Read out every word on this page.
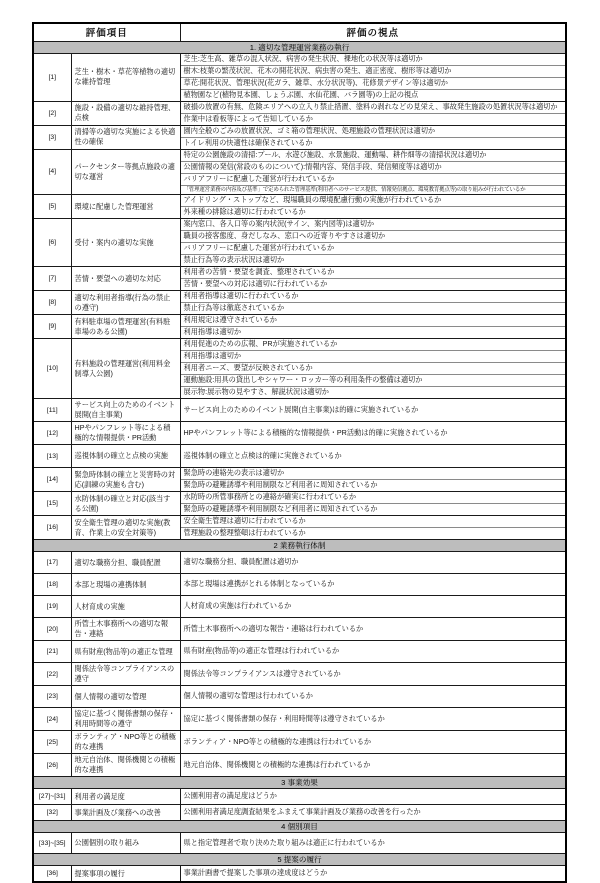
評価項目		評価の視点
1. 適切な管理運営業務の執行		
[1]	芝生・樹木・草花等植物の適切な維持管理	芝生:芝生高、雑草の混入状況、病害の発生状況、裸地化の状況等は適切か
樹木:枝葉の繁茂状況、花木の開花状況、病虫害の発生、適正密度、樹形等は適切か
草花:開花状況、管理状況(花ガラ、雑草、水分状況等)、花修景デザイン等は適切か
植物園など(植物見本園、しょうぶ園、水仙花園、バラ園等)の上記の視点

[2]	施設・設備の適切な維持管理、点検	破損の放置の有無、危険エリアへの立入り禁止措置、塗料の剥れなどの見栄え、事故発生施設の処置状況等は適切か
作業中は看板等によって告知しているか

[3]	清掃等の適切な実施による快適性の確保	園内全般のごみの放置状況、ゴミ箱の管理状況、処理施設の管理状況は適切か
トイレ利用の快適性は確保されているか

[4]	パークセンター等拠点施設の適切な運営	特定の公園施設の清掃:プール、水遊び施設、水景施設、運動場、耕作畑等の清掃状況は適切か
公園情報の発信(常設のものについて):情報内容、発信手段、発信頻度等は適切か
バリアフリーに配慮した運営が行われているか
「管理運営業務の内容及び基準」で定められた管理基準(利用者へのサービス提供、情報発信拠点、環境教育拠点等)の取り組みが行われているか

[5]	環境に配慮した管理運営	アイドリング・ストップなど、現場職員の環境配慮行動の実施が行われているか
外来種の排除は適切に行われているか

[6]	受付・案内の適切な実施	案内窓口、各入口等の案内状況(サイン、案内図等)は適切か
職員の接客態度、身だしなみ、窓口への近寄りやすさは適切か
バリアフリーに配慮した運営が行われているか
禁止行為等の表示状況は適切か

[7]	苦情・要望への適切な対応	利用者の苦情・要望を調査、整理されているか
苦情・要望への対応は適切に行われているか

[8]	適切な利用者指導(行為の禁止の遵守)	利用者指導は適切に行われているか
禁止行為等は徹底されているか

[9]	有料駐車場の管理運営(有料駐車場のある公園)	利用規定は遵守されているか
利用指導は適切か

[10]	有料施設の管理運営(利用料金制導入公園)	利用促進のための広報、PRが実施されているか
利用指導は適切か
利用者ニーズ、要望が反映されているか
運動施設:用具の貸出しやシャワー・ロッカー等の利用条件の整備は適切か
展示物:展示物の見やすさ、解説状況は適切か

[11]	サービス向上のためのイベント展開(自主事業)	サービス向上のためのイベント展開(自主事業)は的確に実施されているか

[12]	HPやパンフレット等による積極的な情報提供・PR活動	HPやパンフレット等による積極的な情報提供・PR活動は的確に実施されているか

[13]	巡視体制の確立と点検の実施	巡視体制の確立と点検は的確に実施されているか

[14]	緊急時体制の確立と災害時の対応(訓練の実施も含む)	緊急時の連絡先の表示は適切か
緊急時の避難誘導や利用制限など利用者に周知されているか

[15]	水防体制の確立と対応(該当する公園)	水防時の所管事務所との連絡が確実に行われているか
緊急時の避難誘導や利用制限など利用者に周知されているか

[16]	安全衛生管理の適切な実施(教育、作業上の安全対策等)	安全衛生管理は適切に行われているか
管理施設の整理整頓は行われているか

2 業務執行体制		
[17]	適切な職務分担、職員配置	適切な職務分担、職員配置は適切か

[18]	本部と現場の連携体制	本部と現場は連携がとれる体制となっているか

[19]	人材育成の実施	人材育成の実施は行われているか

[20]	所管土木事務所への適切な報告・連絡	所管土木事務所への適切な報告・連絡は行われているか

[21]	県有財産(物品等)の適正な管理	県有財産(物品等)の適正な管理は行われているか

[22]	関係法令等コンプライアンスの遵守	関係法令等コンプライアンスは遵守されているか

[23]	個人情報の適切な管理	個人情報の適切な管理は行われているか

[24]	協定に基づく関係書類の保存・利用時間等の遵守	協定に基づく関係書類の保存・利用時間等は遵守されているか

[25]	ボランティア・NPO等との積極的な連携	ボランティア・NPO等との積極的な連携は行われているか

[26]	地元自治体、関係機関との積極的な連携	地元自治体、関係機関との積極的な連携は行われているか

3 事業効果		
[27]~[31]	利用者の満足度	公園利用者の満足度はどうか

[32]	事業計画及び業務への改善	公園利用者満足度調査結果をふまえて事業計画及び業務の改善を行ったか

4 個別項目		
[33]~[35]	公園個別の取り組み	県と指定管理者で取り決めた取り組みは適正に行われているか

5 提案の履行		
[36]	提案事項の履行	事業計画書で提案した事項の達成度はどうか
